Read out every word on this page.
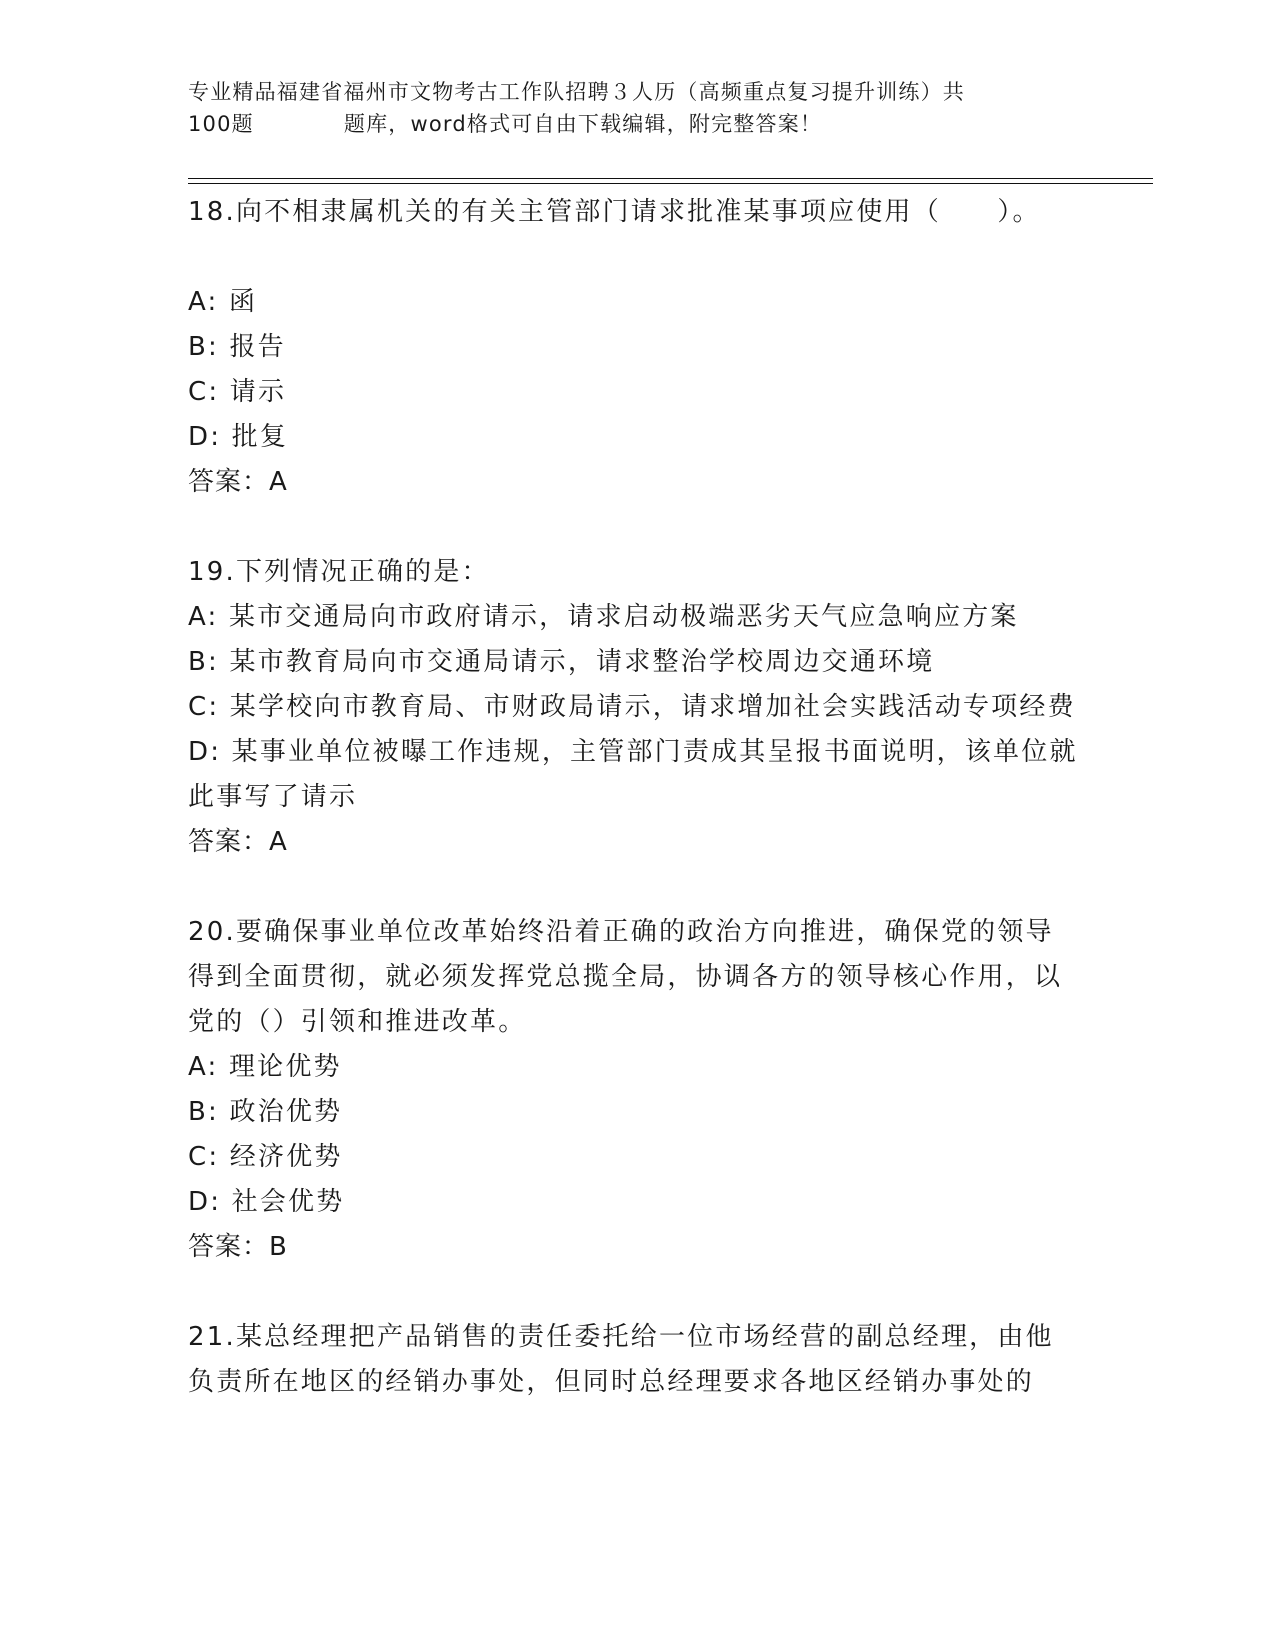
专业精品福建省福州市文物考古工作队招聘３人历（高频重点复习提升训练）共
100题	题库，word格式可自由下载编辑，附完整答案！

18.向不相隶属机关的有关主管部门请求批准某事项应使用（　　）。

A: 函

B: 报告

C: 请示

D: 批复

答案：A

19.下列情况正确的是：

A: 某市交通局向市政府请示，请求启动极端恶劣天气应急响应方案

B: 某市教育局向市交通局请示，请求整治学校周边交通环境

C: 某学校向市教育局、市财政局请示，请求增加社会实践活动专项经费

D: 某事业单位被曝工作违规，主管部门责成其呈报书面说明，该单位就此事写了请示

答案：A

20.要确保事业单位改革始终沿着正确的政治方向推进，确保党的领导得到全面贯彻，就必须发挥党总揽全局，协调各方的领导核心作用，以党的（）引领和推进改革。

A: 理论优势

B: 政治优势

C: 经济优势

D: 社会优势

答案：B

21.某总经理把产品销售的责任委托给一位市场经营的副总经理，由他负责所在地区的经销办事处，但同时总经理要求各地区经销办事处的
